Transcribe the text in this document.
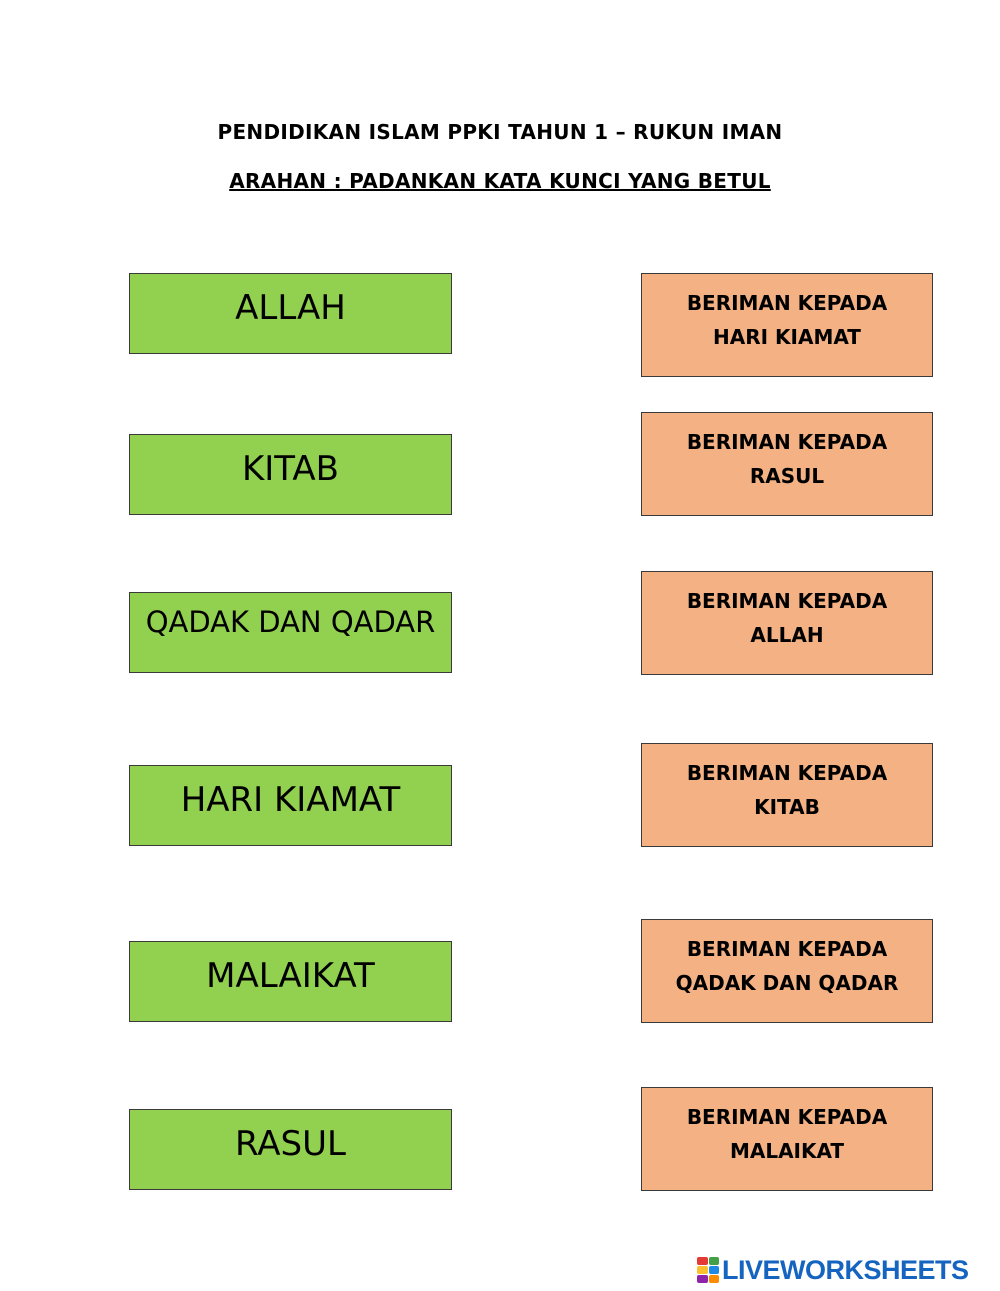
PENDIDIKAN ISLAM PPKI TAHUN 1 – RUKUN IMAN
ARAHAN : PADANKAN KATA KUNCI YANG BETUL
ALLAH
KITAB
QADAK DAN QADAR
HARI KIAMAT
MALAIKAT
RASUL
BERIMAN KEPADA
HARI KIAMAT
BERIMAN KEPADA
RASUL
BERIMAN KEPADA
ALLAH
BERIMAN KEPADA
KITAB
BERIMAN KEPADA
QADAK DAN QADAR
BERIMAN KEPADA
MALAIKAT
LIVEWORKSHEETS
